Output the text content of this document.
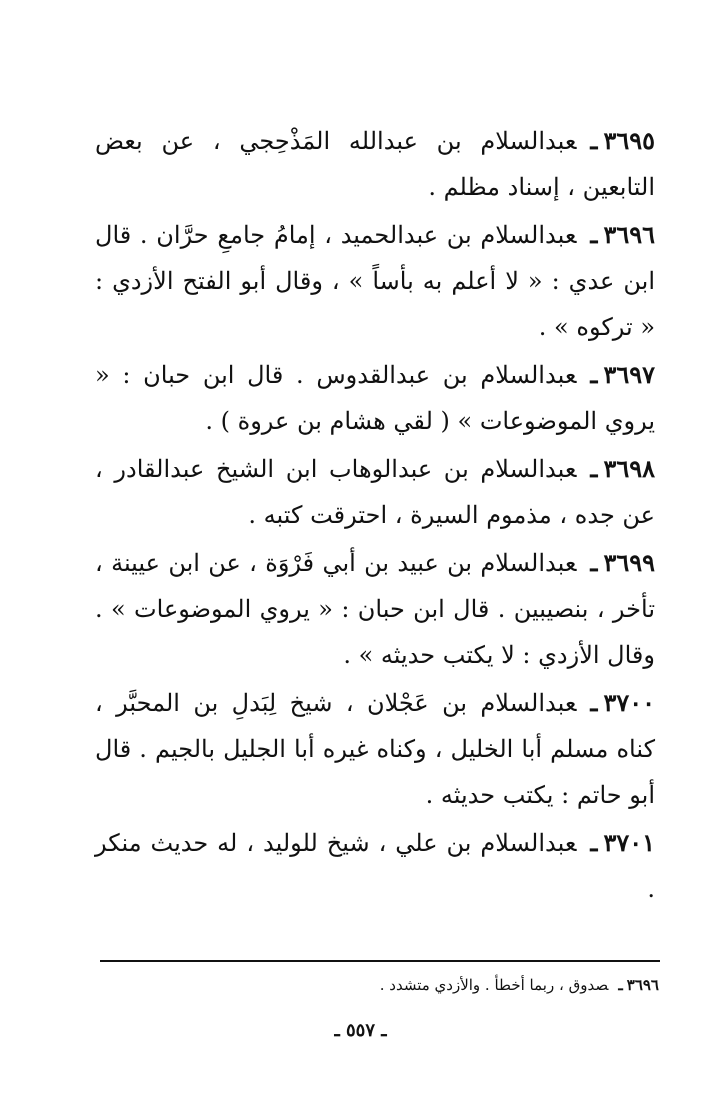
٣٦٩٥ـعبدالسلام بن عبدالله المَذْحِجي ، عن بعض التابعين ، إسناد مظلم .

٣٦٩٦ـعبدالسلام بن عبدالحميد ، إمامُ جامعِ حرَّان . قال ابن عدي : « لا أعلم به بأساً » ، وقال أبو الفتح الأزدي : « تركوه » .

٣٦٩٧ـعبدالسلام بن عبدالقدوس . قال ابن حبان : « يروي الموضوعات » ( لقي هشام بن عروة ) .

٣٦٩٨ـعبدالسلام بن عبدالوهاب ابن الشيخ عبدالقادر ، عن جده ، مذموم السيرة ، احترقت كتبه .

٣٦٩٩ـعبدالسلام بن عبيد بن أبي فَرْوَة ، عن ابن عيينة ، تأخر ، بنصيبين . قال ابن حبان : « يروي الموضوعات » . وقال الأزدي : لا يكتب حديثه » .

٣٧٠٠ـعبدالسلام بن عَجْلان ، شيخ لِبَدلِ بن المحبَّر ، كناه مسلم أبا الخليل ، وكناه غيره أبا الجليل بالجيم . قال أبو حاتم : يكتب حديثه .

٣٧٠١ـعبدالسلام بن علي ، شيخ للوليد ، له حديث منكر .

٣٦٩٦ـصدوق ، ربما أخطأ . والأزدي متشدد .
ـ ٥٥٧ ـ
